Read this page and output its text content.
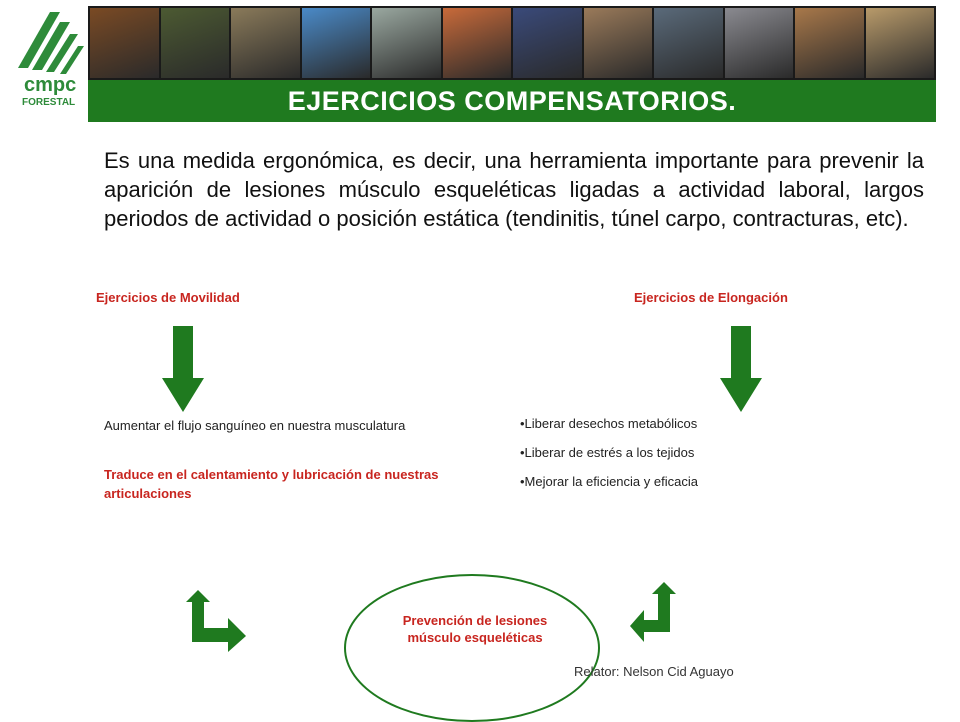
cmpc
FORESTAL	EJERCICIOS COMPENSATORIOS.
Es una medida ergonómica, es decir, una herramienta importante para prevenir la aparición de lesiones músculo esqueléticas ligadas a actividad laboral, largos periodos de actividad o posición estática (tendinitis, túnel carpo, contracturas, etc).
Ejercicios de Movilidad
Aumentar el flujo sanguíneo en nuestra musculatura
Traduce en el calentamiento y lubricación de nuestras articulaciones
Ejercicios de Elongación
•Liberar desechos metabólicos
•Liberar de estrés a los tejidos
•Mejorar la eficiencia y eficacia
Prevención de lesiones músculo esqueléticas
Relator: Nelson Cid Aguayo
